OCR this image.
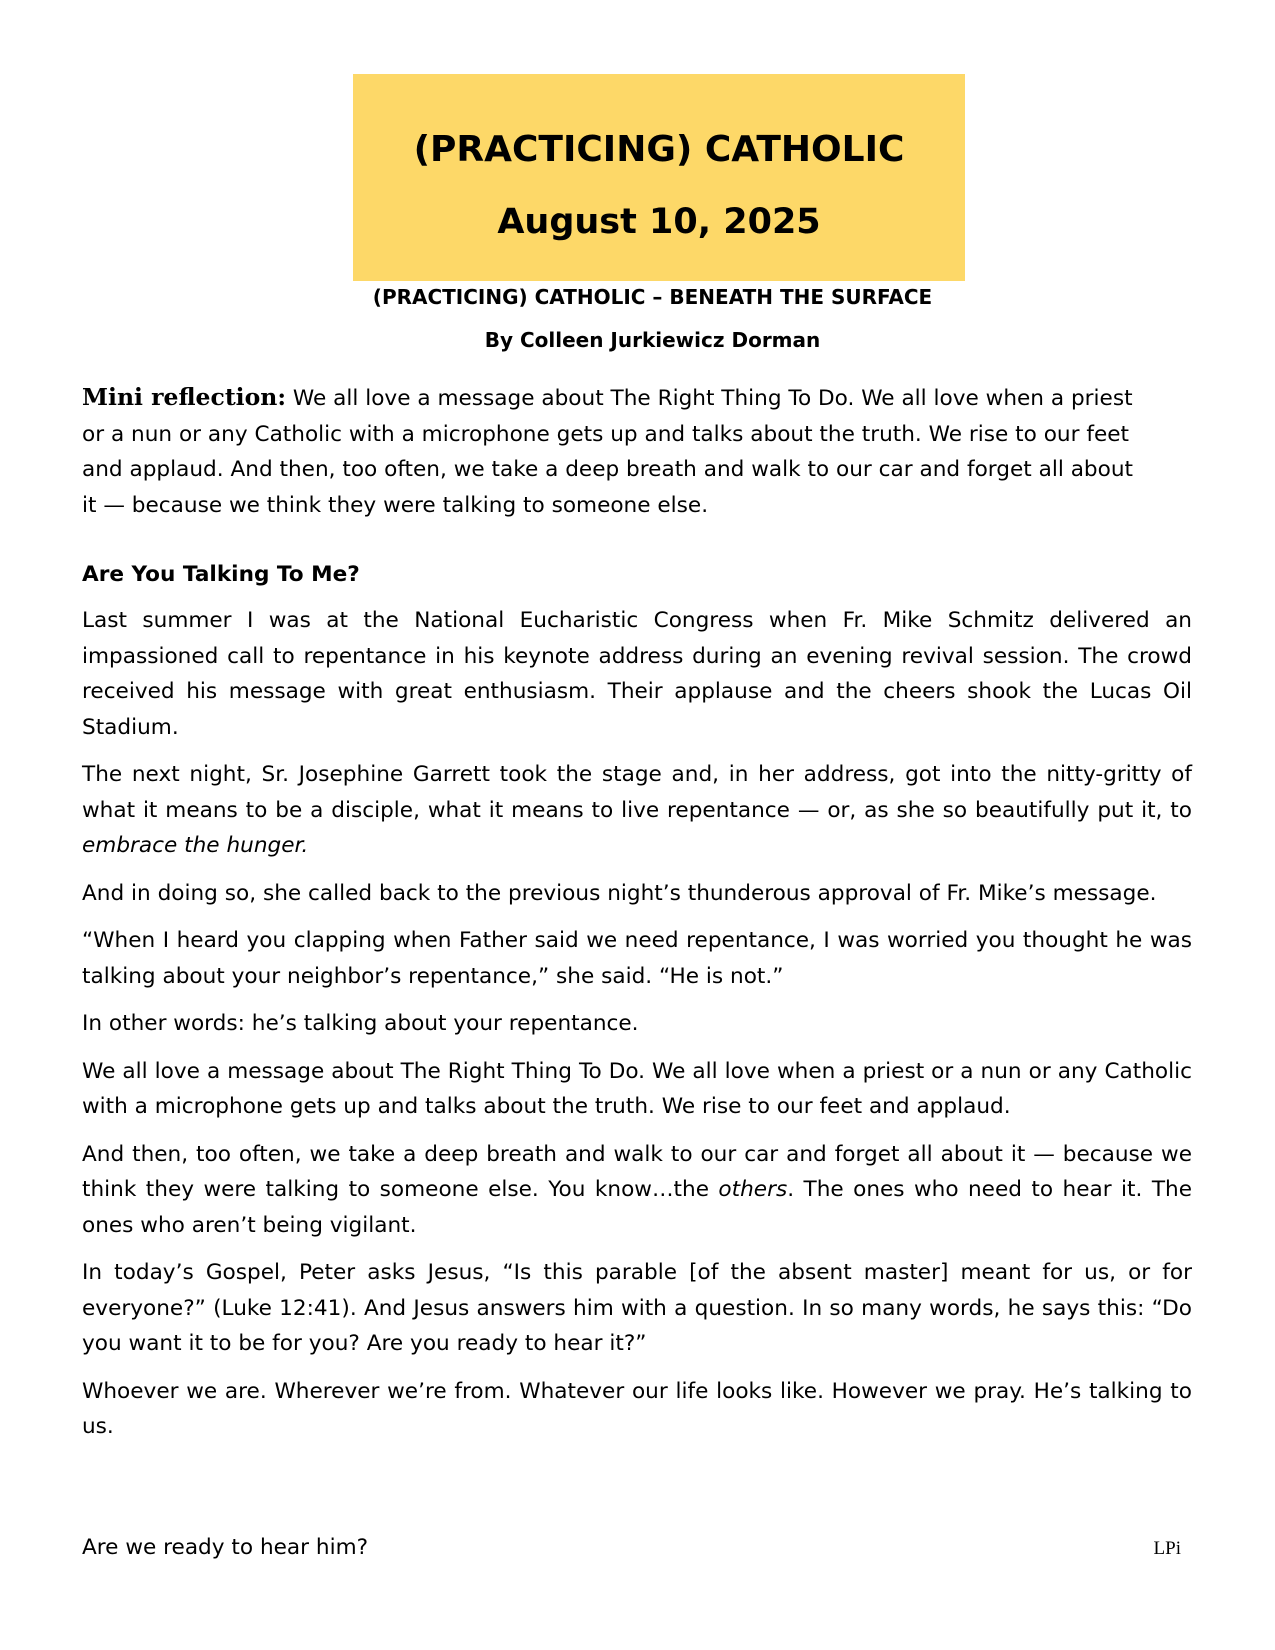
(PRACTICING) CATHOLIC
August 10, 2025
(PRACTICING) CATHOLIC – BENEATH THE SURFACE
By Colleen Jurkiewicz Dorman
Mini reflection: We all love a message about The Right Thing To Do. We all love when a priest or a nun or any Catholic with a microphone gets up and talks about the truth. We rise to our feet and applaud. And then, too often, we take a deep breath and walk to our car and forget all about it — because we think they were talking to someone else.
Are You Talking To Me?

Last summer I was at the National Eucharistic Congress when Fr. Mike Schmitz delivered an impassioned call to repentance in his keynote address during an evening revival session. The crowd received his message with great enthusiasm. Their applause and the cheers shook the Lucas Oil Stadium.

The next night, Sr. Josephine Garrett took the stage and, in her address, got into the nitty-gritty of what it means to be a disciple, what it means to live repentance — or, as she so beautifully put it, to embrace the hunger.

And in doing so, she called back to the previous night’s thunderous approval of Fr. Mike’s message.

“When I heard you clapping when Father said we need repentance, I was worried you thought he was talking about your neighbor’s repentance,” she said. “He is not.”

In other words: he’s talking about your repentance.

We all love a message about The Right Thing To Do. We all love when a priest or a nun or any Catholic with a microphone gets up and talks about the truth. We rise to our feet and applaud.

And then, too often, we take a deep breath and walk to our car and forget all about it — because we think they were talking to someone else. You know…the others. The ones who need to hear it. The ones who aren’t being vigilant.

In today’s Gospel, Peter asks Jesus, “Is this parable [of the absent master] meant for us, or for everyone?” (Luke 12:41). And Jesus answers him with a question. In so many words, he says this: “Do you want it to be for you? Are you ready to hear it?”

Whoever we are. Wherever we’re from. Whatever our life looks like. However we pray. He’s talking to us.

Are we ready to hear him?	LPi
